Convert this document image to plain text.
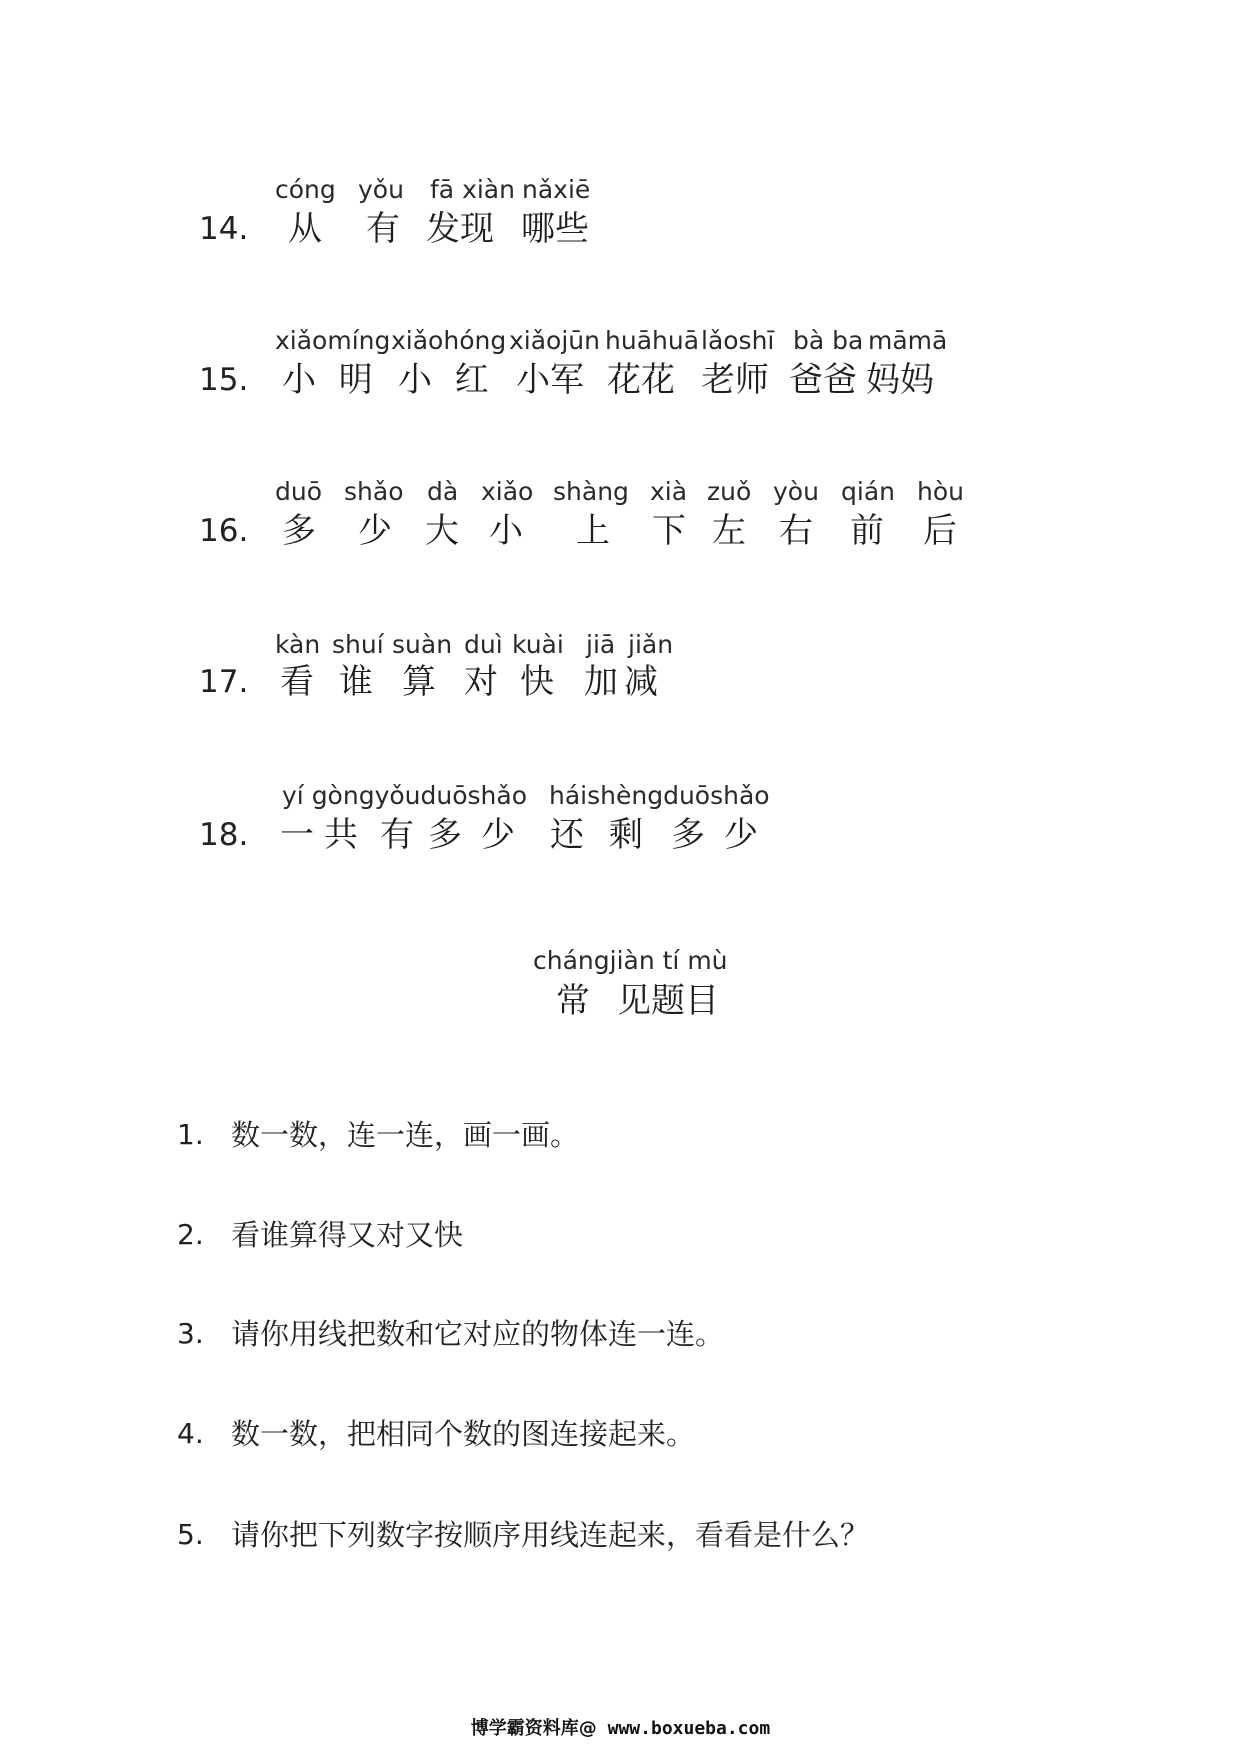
14.
cóng yǒu fā xiàn nǎxiē
从 有 发现 哪些
15.
xiǎomíng xiǎohóng xiǎojūn huāhuā lǎoshī bà ba māmā
小 明 小 红 小军 花花 老师 爸爸 妈妈
16.
duō shǎo dà xiǎo shàng xià zuǒ yòu qián hòu
多 少 大 小 上 下 左 右 前 后
17.
kàn shuí suàn duì kuài jiā jiǎn
看 谁 算 对 快 加减
18.
yí gòngyǒuduōshǎo háishèngduōshǎo
一 共 有 多 少 还 剩 多 少
chángjiàn tí mù
常 见题目
1. 数一数，连一连，画一画。
2. 看谁算得又对又快
3. 请你用线把数和它对应的物体连一连。
4. 数一数，把相同个数的图连接起来。
5. 请你把下列数字按顺序用线连起来，看看是什么？
博学霸资料库@ www.boxueba.com
